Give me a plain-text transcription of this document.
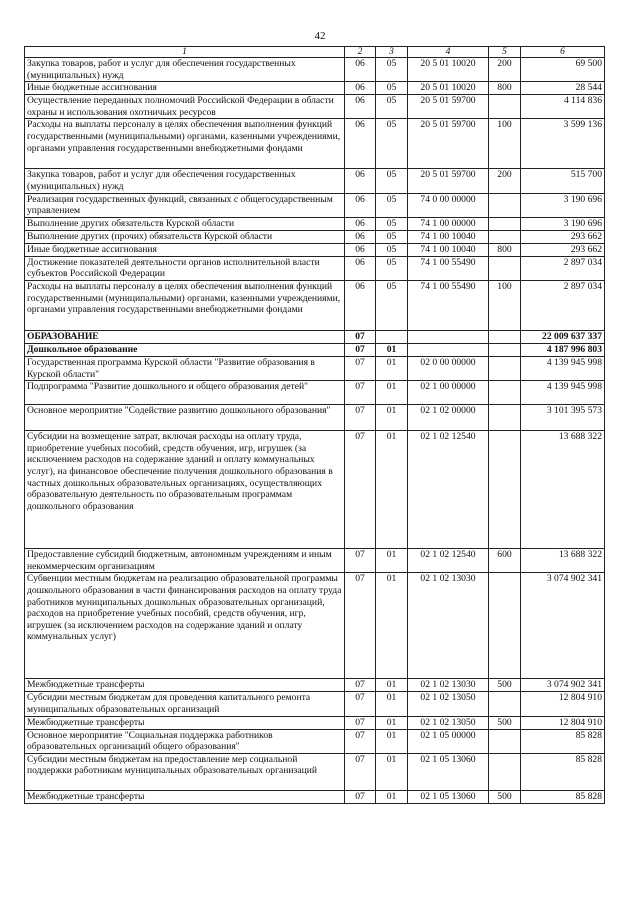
42
1	2	3	4	5	6
Закупка товаров, работ и услуг для обеспечения государственных (муниципальных) нужд	06	05	20 5 01 10020	200	69 500
Иные бюджетные ассигнования	06	05	20 5 01 10020	800	28 544
Осуществление переданных полномочий Российской Федерации в области охраны и использования охотничьих ресурсов	06	05	20 5 01 59700		4 114 836
Расходы на выплаты персоналу в целях обеспечения выполнения функций государственными (муниципальными) органами, казенными учреждениями, органами управления государственными внебюджетными фондами	06	05	20 5 01 59700	100	3 599 136
Закупка товаров, работ и услуг для обеспечения государственных (муниципальных) нужд	06	05	20 5 01 59700	200	515 700
Реализация государственных функций, связанных с общегосударственным управлением	06	05	74 0 00 00000		3 190 696
Выполнение других обязательств Курской области	06	05	74 1 00 00000		3 190 696
Выполнение других (прочих) обязательств Курской области	06	05	74 1 00 10040		293 662
Иные бюджетные ассигнования	06	05	74 1 00 10040	800	293 662
Достижение показателей деятельности органов исполнительной власти субъектов Российской Федерации	06	05	74 1 00 55490		2 897 034
Расходы на выплаты персоналу в целях обеспечения выполнения функций государственными (муниципальными) органами, казенными учреждениями, органами управления государственными внебюджетными фондами	06	05	74 1 00 55490	100	2 897 034
ОБРАЗОВАНИЕ	07				22 009 637 337
Дошкольное образование	07	01			4 187 996 803
Государственная программа Курской области "Развитие образования в Курской области"	07	01	02 0 00 00000		4 139 945 998
Подпрограмма "Развитие дошкольного и общего образования детей"	07	01	02 1 00 00000		4 139 945 998
Основное мероприятие "Содействие развитию дошкольного образования"	07	01	02 1 02 00000		3 101 395 573
Субсидии на возмещение затрат, включая расходы на оплату труда, приобретение учебных пособий, средств обучения, игр, игрушек (за исключением расходов на содержание зданий и оплату коммунальных услуг), на финансовое обеспечение получения дошкольного образования в частных дошкольных образовательных организациях, осуществляющих образовательную деятельность по образовательным программам дошкольного образования	07	01	02 1 02 12540		13 688 322
Предоставление субсидий бюджетным, автономным учреждениям и иным некоммерческим организациям	07	01	02 1 02 12540	600	13 688 322
Субвенции местным бюджетам на реализацию образовательной программы дошкольного образования в части финансирования расходов на оплату труда работников муниципальных дошкольных образовательных организаций, расходов на приобретение учебных пособий, средств обучения, игр, игрушек (за исключением расходов на содержание зданий и оплату коммунальных услуг)	07	01	02 1 02 13030		3 074 902 341
Межбюджетные трансферты	07	01	02 1 02 13030	500	3 074 902 341
Субсидии местным бюджетам для проведения капитального ремонта муниципальных образовательных организаций	07	01	02 1 02 13050		12 804 910
Межбюджетные трансферты	07	01	02 1 02 13050	500	12 804 910
Основное мероприятие "Социальная поддержка работников образовательных организаций общего образования"	07	01	02 1 05 00000		85 828
Субсидии местным бюджетам на предоставление мер социальной поддержки работникам муниципальных образовательных организаций	07	01	02 1 05 13060		85 828
Межбюджетные трансферты	07	01	02 1 05 13060	500	85 828
